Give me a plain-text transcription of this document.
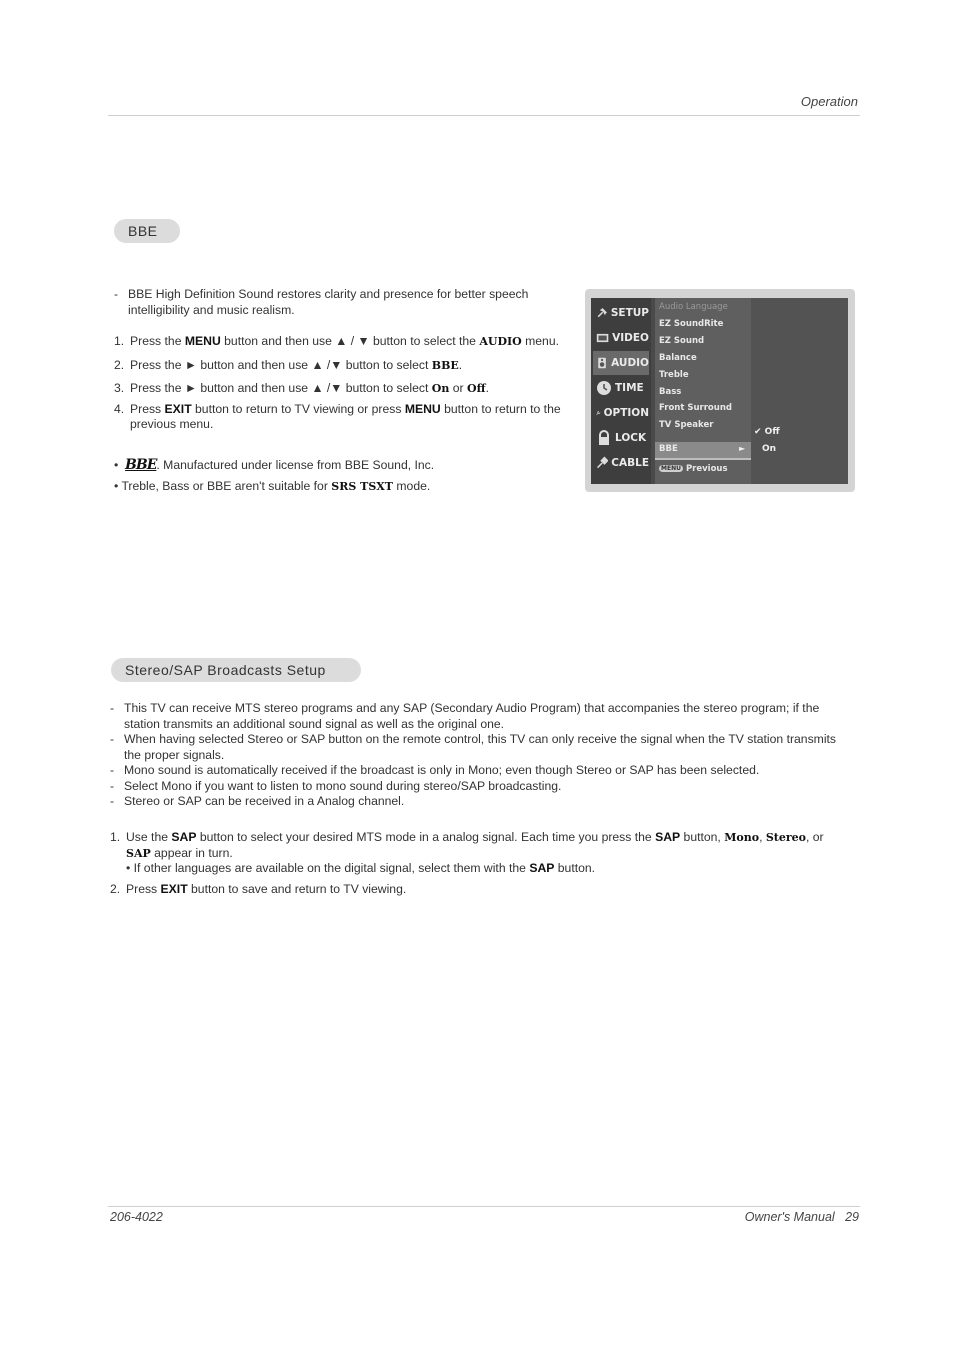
Operation
BBE
- BBE High Definition Sound restores clarity and presence for better speech intelligibility and music realism.
1. Press the MENU button and then use ▲ / ▼ button to select the AUDIO menu.
2. Press the ► button and then use ▲ /▼ button to select BBE.
3. Press the ► button and then use ▲ /▼ button to select On or Off.
4. Press EXIT button to return to TV viewing or press MENU button to return to the previous menu.
•  BBE. Manufactured under license from BBE Sound, Inc.
• Treble, Bass or BBE aren't suitable for SRS TSXT mode.
SETUP
VIDEO
AUDIO
TIME
OPTION
LOCK
CABLE
Audio Language
EZ SoundRite
EZ Sound
Balance
Treble
Bass
Front Surround
TV Speaker
BBE	►
MENU Previous
✔ Off
On
Stereo/SAP Broadcasts Setup
- This TV can receive MTS stereo programs and any SAP (Secondary Audio Program) that accompanies the stereo program; if the station transmits an additional sound signal as well as the original one.
- When having selected Stereo or SAP button on the remote control, this TV can only receive the signal when the TV station transmits the proper signals.
- Mono sound is automatically received if the broadcast is only in Mono; even though Stereo or SAP has been selected.
- Select Mono if you want to listen to mono sound during stereo/SAP broadcasting.
- Stereo or SAP can be received in a Analog channel.
1. Use the SAP button to select your desired MTS mode in a analog signal. Each time you press the SAP button, Mono, Stereo, or SAP appear in turn.
• If other languages are available on the digital signal, select them with the SAP button.
2. Press EXIT button to save and return to TV viewing.
206-4022	Owner's Manual   29
